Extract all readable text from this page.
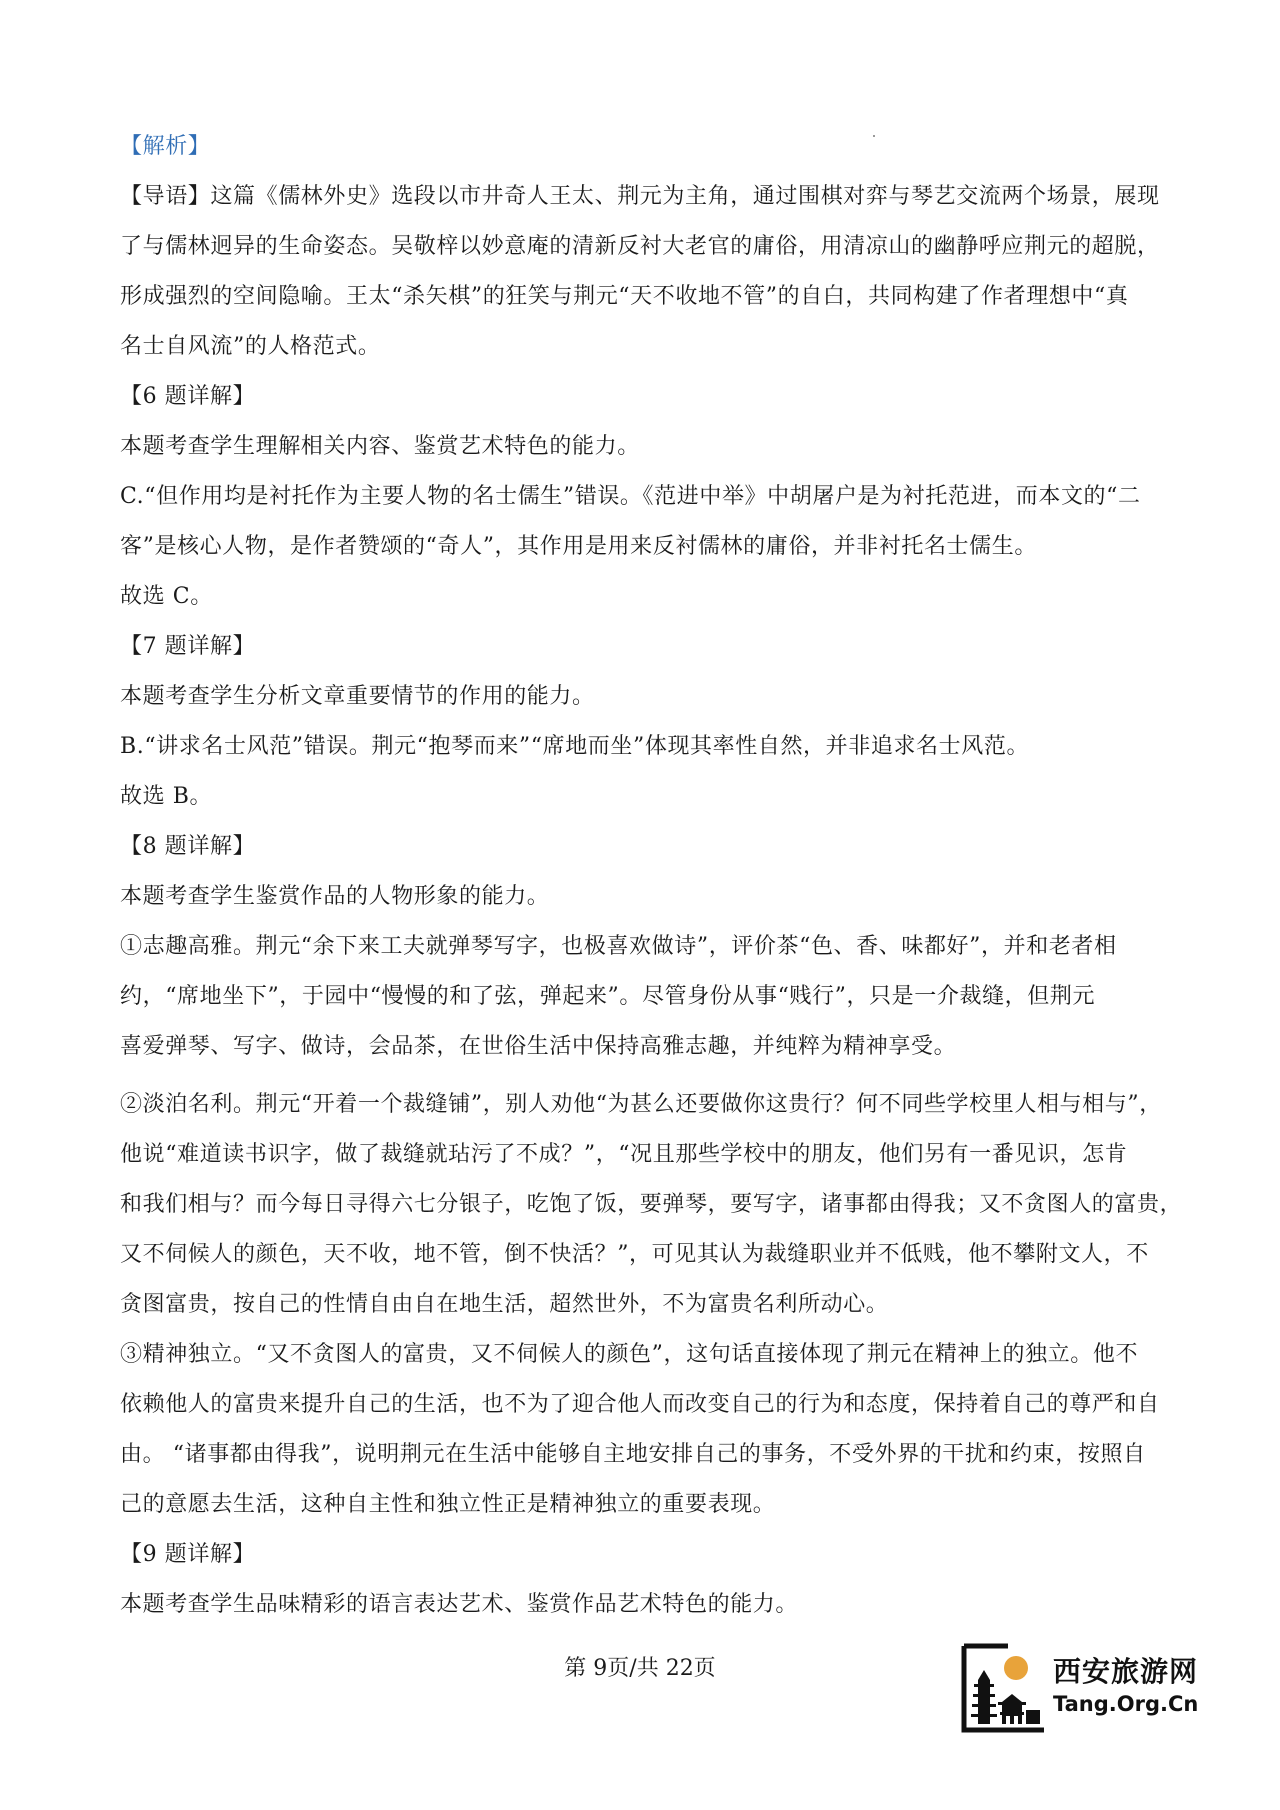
【解析】
【导语】这篇《儒林外史》选段以市井奇人王太、荆元为主角，通过围棋对弈与琴艺交流两个场景，展现
了与儒林迥异的生命姿态。吴敬梓以妙意庵的清新反衬大老官的庸俗，用清凉山的幽静呼应荆元的超脱，
形成强烈的空间隐喻。王太“杀矢棋”的狂笑与荆元“天不收地不管”的自白，共同构建了作者理想中“真
名士自风流”的人格范式。
【6 题详解】
本题考查学生理解相关内容、鉴赏艺术特色的能力。
C.“但作用均是衬托作为主要人物的名士儒生”错误。《范进中举》中胡屠户是为衬托范进，而本文的“二
客”是核心人物，是作者赞颂的“奇人”，其作用是用来反衬儒林的庸俗，并非衬托名士儒生。
故选 C。
【7 题详解】
本题考查学生分析文章重要情节的作用的能力。
B.“讲求名士风范”错误。荆元“抱琴而来”“席地而坐”体现其率性自然，并非追求名士风范。
故选 B。
【8 题详解】
本题考查学生鉴赏作品的人物形象的能力。
①志趣高雅。荆元“余下来工夫就弹琴写字，也极喜欢做诗”，评价茶“色、香、味都好”，并和老者相
约，“席地坐下”，于园中“慢慢的和了弦，弹起来”。尽管身份从事“贱行”，只是一介裁缝，但荆元
喜爱弹琴、写字、做诗，会品茶，在世俗生活中保持高雅志趣，并纯粹为精神享受。
②淡泊名利。荆元“开着一个裁缝铺”，别人劝他“为甚么还要做你这贵行？何不同些学校里人相与相与”，
他说“难道读书识字，做了裁缝就玷污了不成？”，“况且那些学校中的朋友，他们另有一番见识，怎肯
和我们相与？而今每日寻得六七分银子，吃饱了饭，要弹琴，要写字，诸事都由得我；又不贪图人的富贵，
又不伺候人的颜色，天不收，地不管，倒不快活？”，可见其认为裁缝职业并不低贱，他不攀附文人，不
贪图富贵，按自己的性情自由自在地生活，超然世外，不为富贵名利所动心。
③精神独立。“又不贪图人的富贵，又不伺候人的颜色”，这句话直接体现了荆元在精神上的独立。他不
依赖他人的富贵来提升自己的生活，也不为了迎合他人而改变自己的行为和态度，保持着自己的尊严和自
由。 “诸事都由得我”，说明荆元在生活中能够自主地安排自己的事务，不受外界的干扰和约束，按照自
己的意愿去生活，这种自主性和独立性正是精神独立的重要表现。
【9 题详解】
本题考查学生品味精彩的语言表达艺术、鉴赏作品艺术特色的能力。
第 9页/共 22页	西安旅游网
Tang.Org.Cn
